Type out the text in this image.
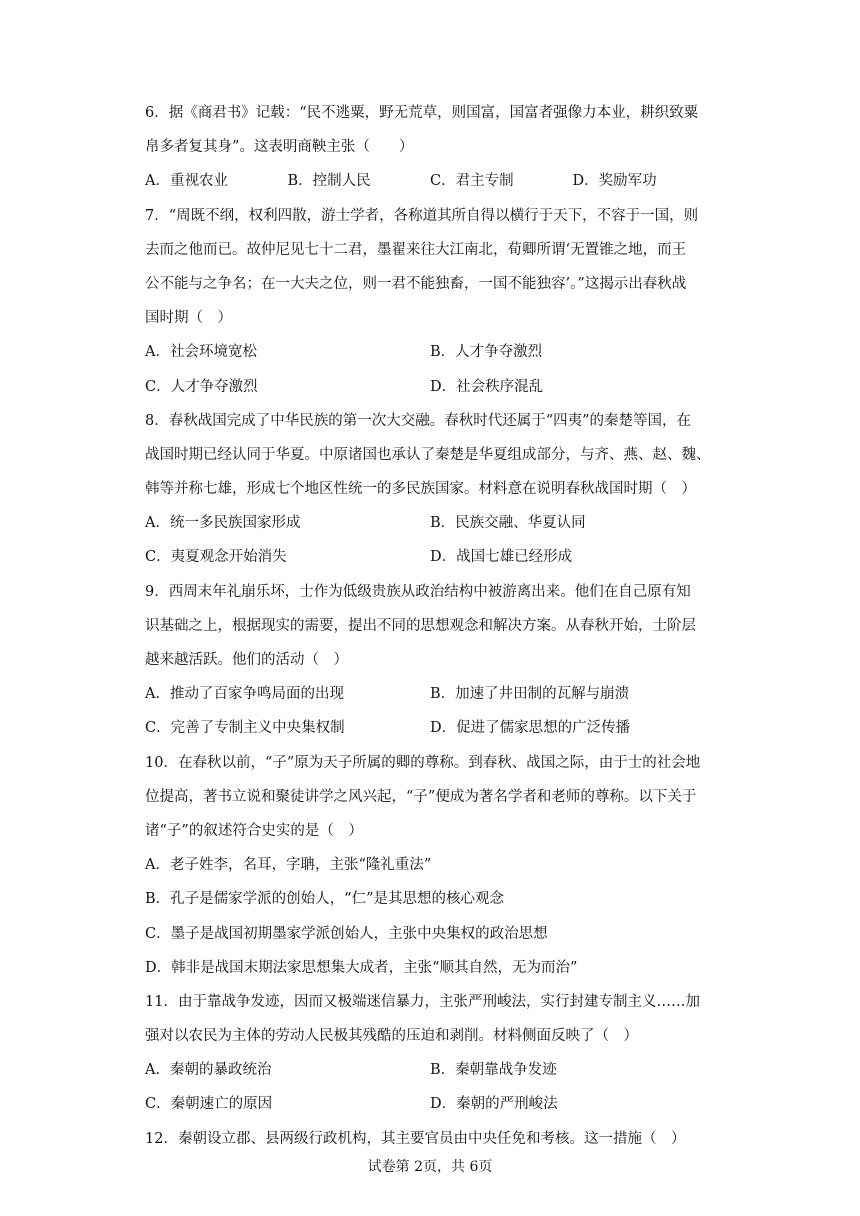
6．据《商君书》记载：“民不逃粟，野无荒草，则国富，国富者强像力本业，耕织致粟
帛多者复其身”。这表明商鞅主张（　　）
A．重视农业	B．控制人民	C．君主专制	D．奖励军功
7．“周既不纲，权利四散，游士学者，各称道其所自得以横行于天下，不容于一国，则
去而之他而已。故仲尼见七十二君，墨翟来往大江南北，荀卿所谓‘无置锥之地，而王
公不能与之争名；在一大夫之位，则一君不能独畜，一国不能独容’。”这揭示出春秋战
国时期（　）
A．社会环境宽松	B．人才争夺激烈
C．人才争夺激烈	D．社会秩序混乱
8．春秋战国完成了中华民族的第一次大交融。春秋时代还属于“四夷”的秦楚等国，在
战国时期已经认同于华夏。中原诸国也承认了秦楚是华夏组成部分，与齐、燕、赵、魏、
韩等并称七雄，形成七个地区性统一的多民族国家。材料意在说明春秋战国时期（　）
A．统一多民族国家形成	B．民族交融、华夏认同
C．夷夏观念开始消失	D．战国七雄已经形成
9．西周末年礼崩乐坏，士作为低级贵族从政治结构中被游离出来。他们在自己原有知
识基础之上，根据现实的需要，提出不同的思想观念和解决方案。从春秋开始，士阶层
越来越活跃。他们的活动（　）
A．推动了百家争鸣局面的出现	B．加速了井田制的瓦解与崩溃
C．完善了专制主义中央集权制	D．促进了儒家思想的广泛传播
10．在春秋以前，“子”原为天子所属的卿的尊称。到春秋、战国之际，由于士的社会地
位提高，著书立说和聚徒讲学之风兴起，“子”便成为著名学者和老师的尊称。以下关于
诸“子”的叙述符合史实的是（　）
A．老子姓李，名耳，字聃，主张“隆礼重法”
B．孔子是儒家学派的创始人，“仁”是其思想的核心观念
C．墨子是战国初期墨家学派创始人，主张中央集权的政治思想
D．韩非是战国末期法家思想集大成者，主张“顺其自然，无为而治”
11．由于靠战争发迹，因而又极端迷信暴力，主张严刑峻法，实行封建专制主义……加
强对以农民为主体的劳动人民极其残酷的压迫和剥削。材料侧面反映了（　）
A．秦朝的暴政统治	B．秦朝靠战争发迹
C．秦朝速亡的原因	D．秦朝的严刑峻法
12．秦朝设立郡、县两级行政机构，其主要官员由中央任免和考核。这一措施（　）
试卷第 2页，共 6页
